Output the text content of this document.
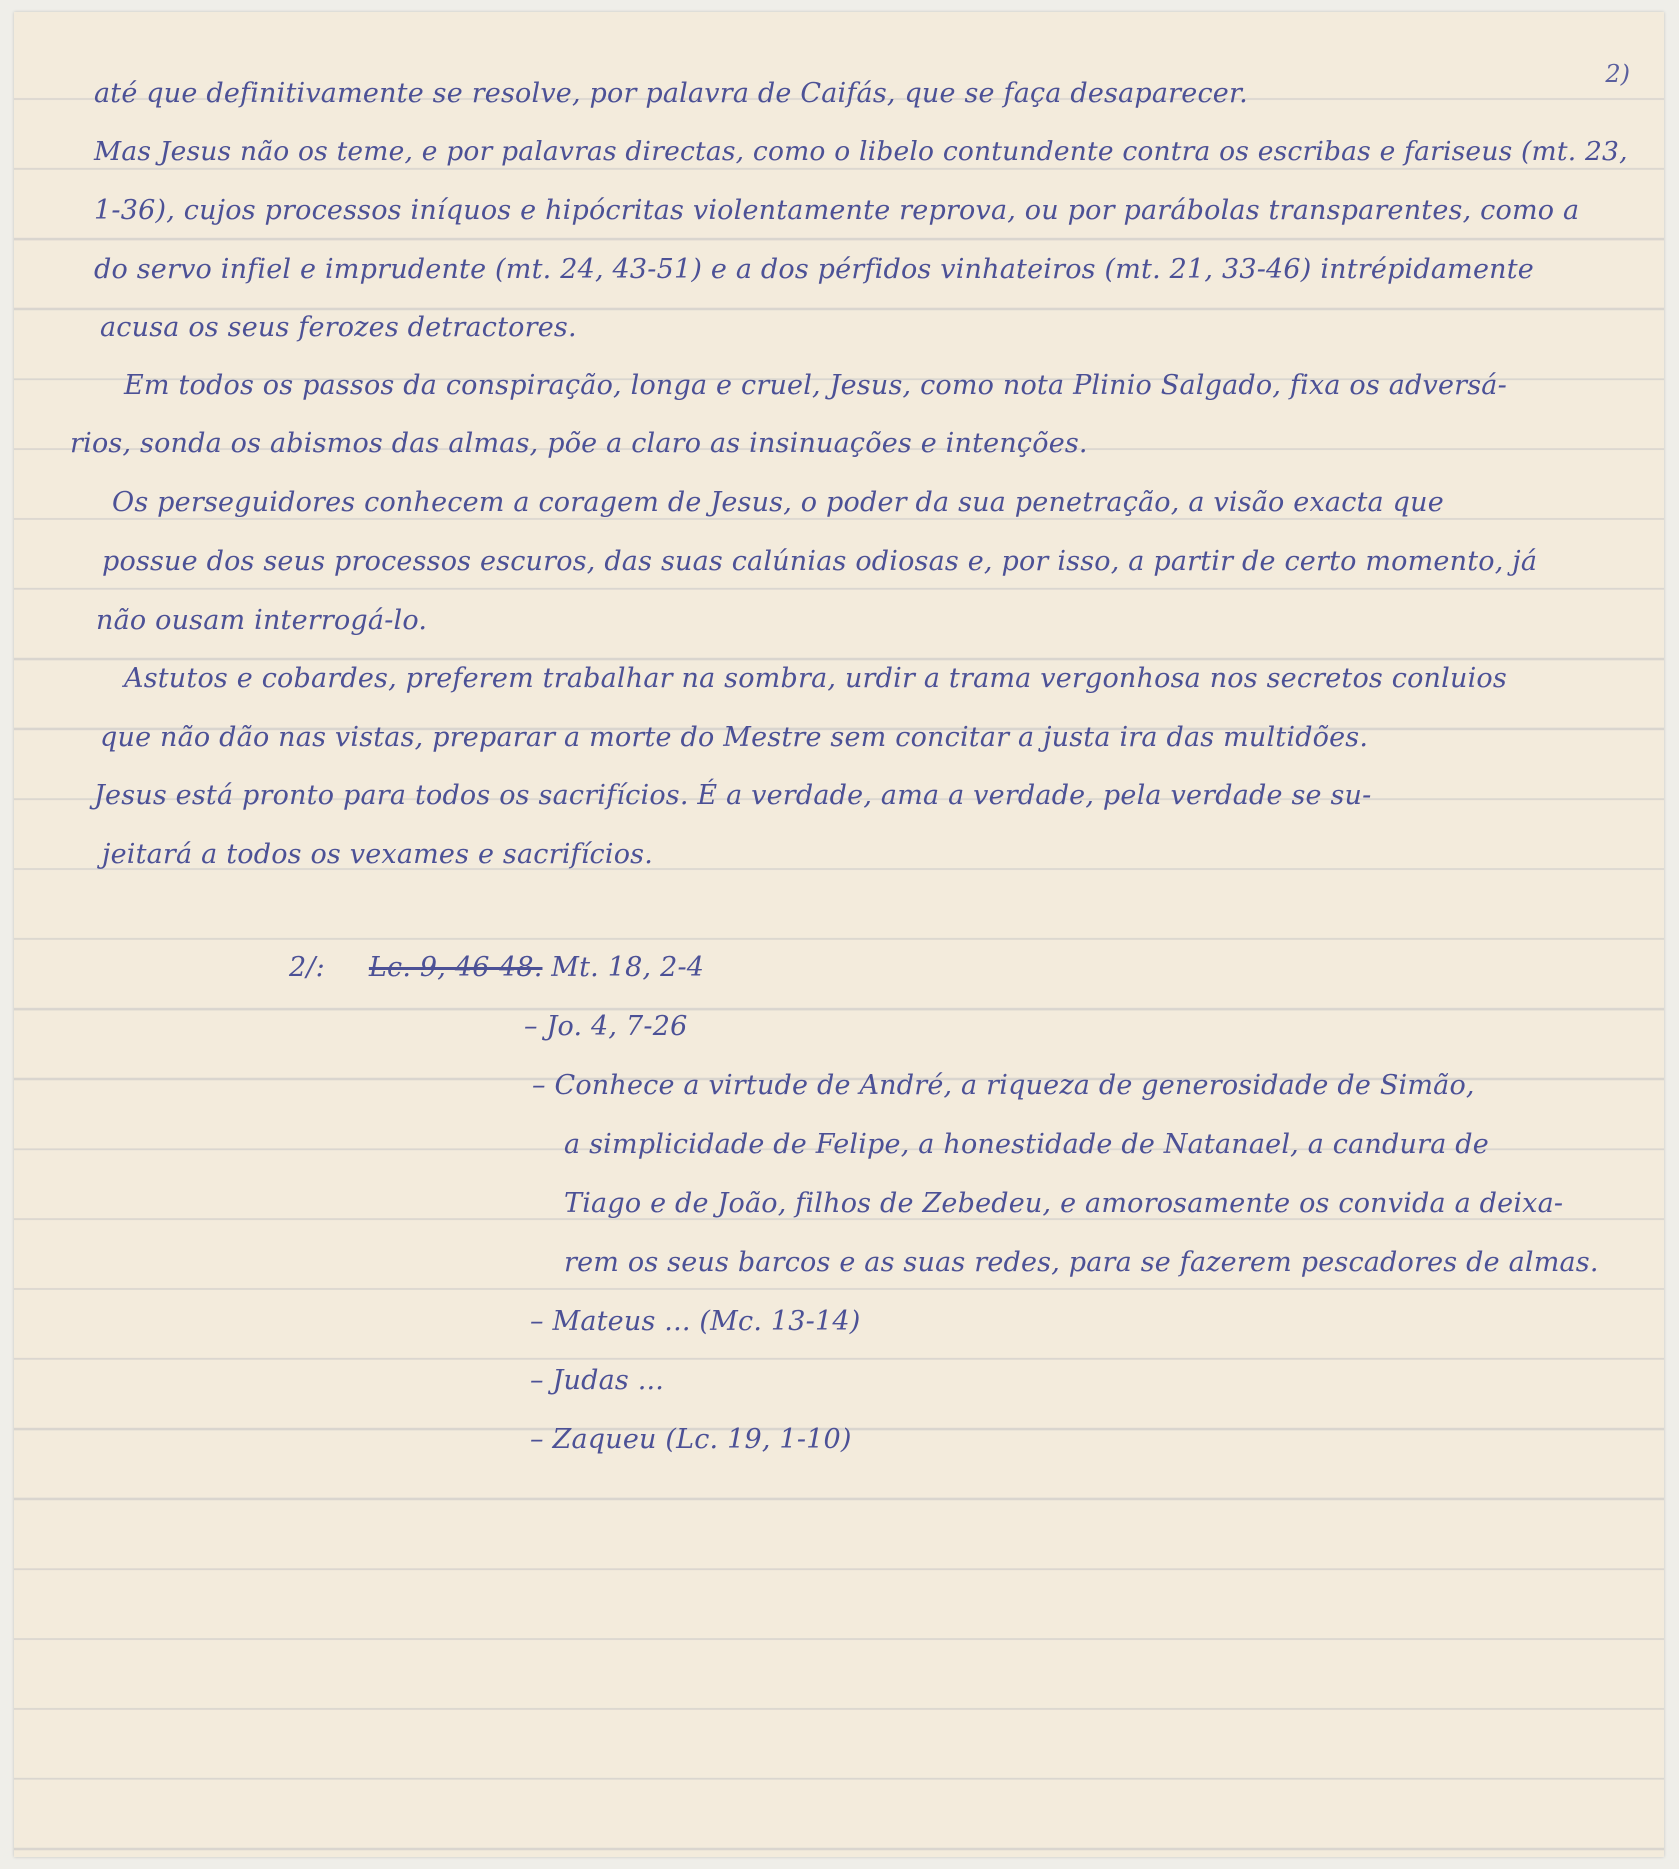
2)
até que definitivamente se resolve, por palavra de Caifás, que se faça desaparecer.
Mas Jesus não os teme, e por palavras directas, como o libelo contundente contra os escribas e fariseus (mt. 23,
1-36), cujos processos iníquos e hipócritas violentamente reprova, ou por parábolas transparentes, como a
do servo infiel e imprudente (mt. 24, 43-51) e a dos pérfidos vinhateiros (mt. 21, 33-46) intrépidamente
acusa os seus ferozes detractores.
Em todos os passos da conspiração, longa e cruel, Jesus, como nota Plinio Salgado, fixa os adversá-
rios, sonda os abismos das almas, põe a claro as insinuações e intenções.
Os perseguidores conhecem a coragem de Jesus, o poder da sua penetração, a visão exacta que
possue dos seus processos escuros, das suas calúnias odiosas e, por isso, a partir de certo momento, já
não ousam interrogá-lo.
Astutos e cobardes, preferem trabalhar na sombra, urdir a trama vergonhosa nos secretos conluios
que não dão nas vistas, preparar a morte do Mestre sem concitar a justa ira das multidões.
Jesus está pronto para todos os sacrifícios. É a verdade, ama a verdade, pela verdade se su-
jeitará a todos os vexames e sacrifícios.
2/: Lc. 9, 46-48. Mt. 18, 2-4
– Jo. 4, 7-26
– Conhece a virtude de André, a riqueza de generosidade de Simão,
a simplicidade de Felipe, a honestidade de Natanael, a candura de
Tiago e de João, filhos de Zebedeu, e amorosamente os convida a deixa-
rem os seus barcos e as suas redes, para se fazerem pescadores de almas.
– Mateus ... (Mc. 13-14)
– Judas ...
– Zaqueu (Lc. 19, 1-10)
